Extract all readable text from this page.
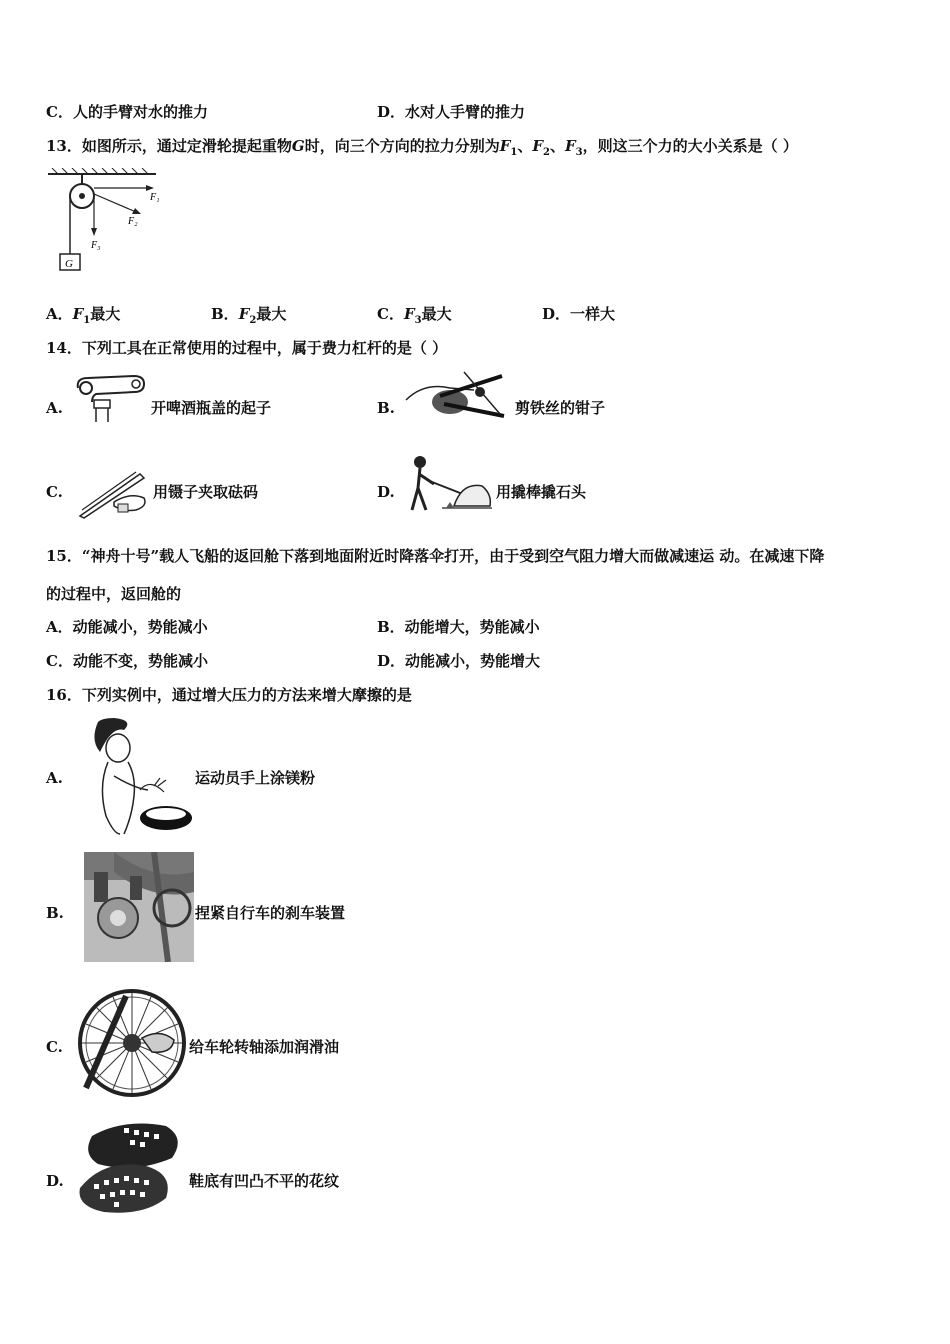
C．人的手臂对水的推力	D．水对人手臂的推力
13．如图所示，通过定滑轮提起重物G时，向三个方向的拉力分别为$F_1$、$F_2$、$F_3$，则这三个力的大小关系是（ ）
G
F₁
F₂
F₃
A．$F_1$最大	B．$F_2$最大	C．$F_3$最大	D．一样大
14．下列工具在正常使用的过程中，属于费力杠杆的是（ ）
A.	开啤酒瓶盖的起子	B.	剪铁丝的钳子
C.	用镊子夹取砝码	D.	用撬棒撬石头
15．“神舟十号”载人飞船的返回舱下落到地面附近时降落伞打开，由于受到空气阻力增大而做减速运 动。在减速下降
的过程中，返回舱的
A．动能减小，势能减小	B．动能增大，势能减小
C．动能不变，势能减小	D．动能减小，势能增大
16．下列实例中，通过增大压力的方法来增大摩擦的是
A.	运动员手上涂镁粉
B.	捏紧自行车的刹车装置
C.	给车轮转轴添加润滑油
D.	鞋底有凹凸不平的花纹
